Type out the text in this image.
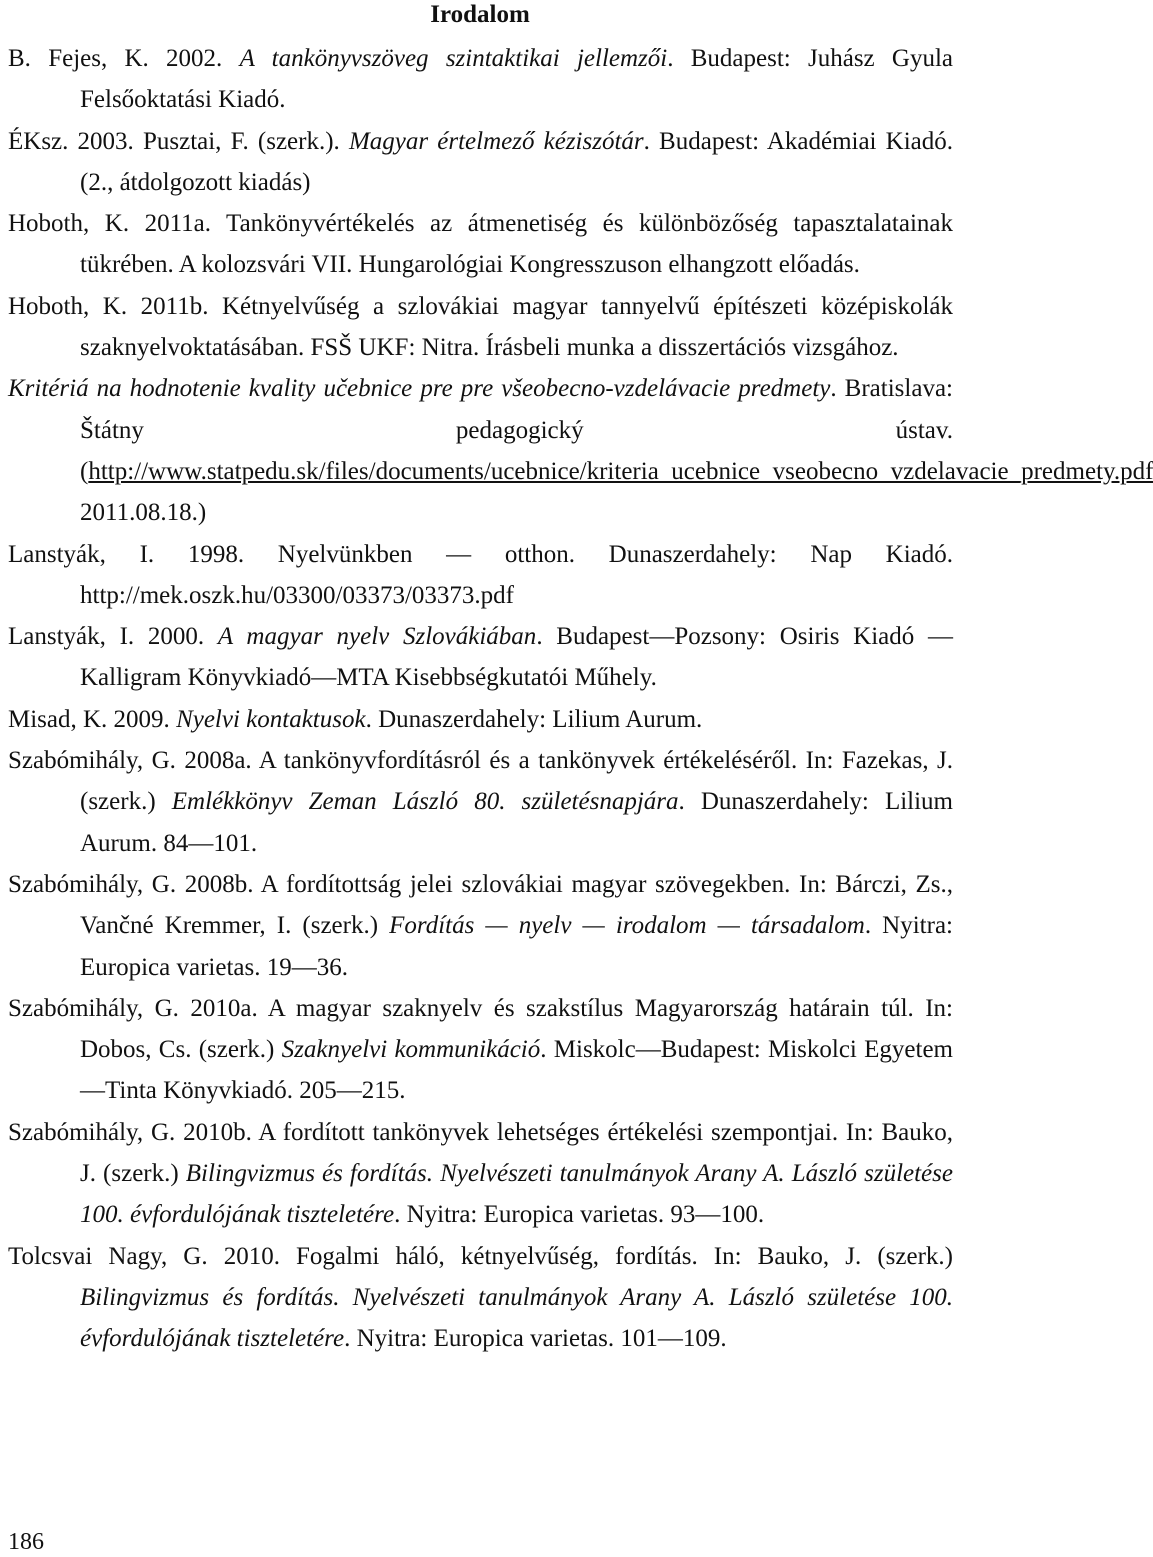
Irodalom
B. Fejes, K. 2002. A tankönyvszöveg szintaktikai jellemzői. Budapest: Juhász Gyula Felsőoktatási Kiadó.
ÉKsz. 2003. Pusztai, F. (szerk.). Magyar értelmező kéziszótár. Budapest: Akadémiai Kiadó. (2., átdolgozott kiadás)
Hoboth, K. 2011a. Tankönyvértékelés az átmenetiség és különbözőség tapasztalatainak tükrében. A kolozsvári VII. Hungarológiai Kongresszuson elhangzott előadás.
Hoboth, K. 2011b. Kétnyelvűség a szlovákiai magyar tannyelvű építészeti középiskolák szaknyelvoktatásában. FSŠ UKF: Nitra. Írásbeli munka a disszertációs vizsgához.
Kritériá na hodnotenie kvality učebnice pre pre všeobecno-vzdelávacie predmety. Bratislava: Štátny pedagogický ústav. (http://www.statpedu.sk/files/documents/ucebnice/kriteria_ucebnice_vseobecno_vzdelavacie_predmety.pdf 2011.08.18.)
Lanstyák, I. 1998. Nyelvünkben — otthon. Dunaszerdahely: Nap Kiadó. http://mek.oszk.hu/03300/03373/03373.pdf
Lanstyák, I. 2000. A magyar nyelv Szlovákiában. Budapest—Pozsony: Osiris Kiadó — Kalligram Könyvkiadó—MTA Kisebbségkutatói Műhely.
Misad, K. 2009. Nyelvi kontaktusok. Dunaszerdahely: Lilium Aurum.
Szabómihály, G. 2008a. A tankönyvfordításról és a tankönyvek értékeléséről. In: Fazekas, J. (szerk.) Emlékkönyv Zeman László 80. születésnapjára. Dunaszerdahely: Lilium Aurum. 84—101.
Szabómihály, G. 2008b. A fordítottság jelei szlovákiai magyar szövegekben. In: Bárczi, Zs., Vančné Kremmer, I. (szerk.) Fordítás — nyelv — irodalom — társadalom. Nyitra: Europica varietas. 19—36.
Szabómihály, G. 2010a. A magyar szaknyelv és szakstílus Magyarország határain túl. In: Dobos, Cs. (szerk.) Szaknyelvi kommunikáció. Miskolc—Budapest: Miskolci Egyetem—Tinta Könyvkiadó. 205—215.
Szabómihály, G. 2010b. A fordított tankönyvek lehetséges értékelési szempontjai. In: Bauko, J. (szerk.) Bilingvizmus és fordítás. Nyelvészeti tanulmányok Arany A. László születése 100. évfordulójának tiszteletére. Nyitra: Europica varietas. 93—100.
Tolcsvai Nagy, G. 2010. Fogalmi háló, kétnyelvűség, fordítás. In: Bauko, J. (szerk.) Bilingvizmus és fordítás. Nyelvészeti tanulmányok Arany A. László születése 100. évfordulójának tiszteletére. Nyitra: Europica varietas. 101—109.
186
